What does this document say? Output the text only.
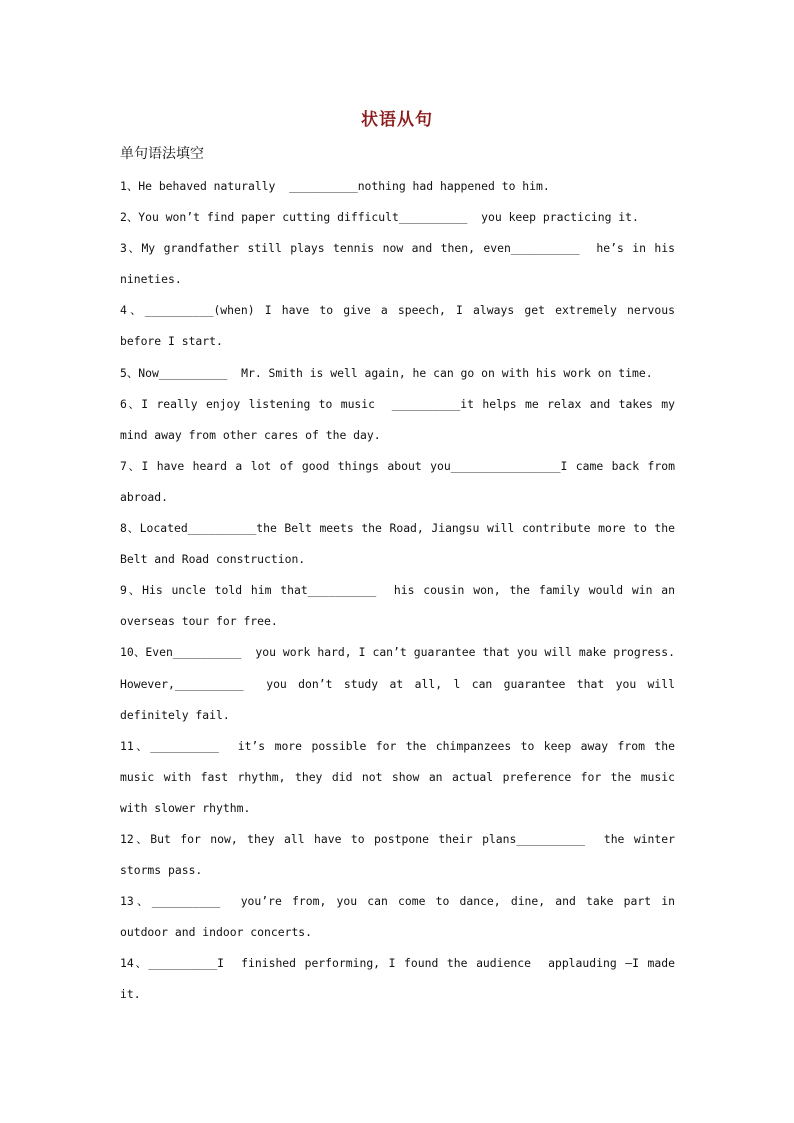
状语从句
单句语法填空
1、He behaved naturally  __________nothing had happened to him.
2、You won’t find paper cutting difficult__________  you keep practicing it.
3、My grandfather still plays tennis now and then, even__________  he’s in his nineties.
4、__________(when) I have to give a speech, I always get extremely nervous before I start.
5、Now__________  Mr. Smith is well again, he can go on with his work on time.
6、I really enjoy listening to music  __________it helps me relax and takes my mind away from other cares of the day.
7、I have heard a lot of good things about you________________I came back from abroad.
8、Located__________the Belt meets the Road, Jiangsu will contribute more to the Belt and Road construction.
9、His uncle told him that__________  his cousin won, the family would win an overseas tour for free.
10、Even__________  you work hard, I can’t guarantee that you will make progress. However,__________  you don’t study at all, l can guarantee that you will definitely fail.
11、__________  it’s more possible for the chimpanzees to keep away from the music with fast rhythm, they did not show an actual preference for the music with slower rhythm.
12、But for now, they all have to postpone their plans__________  the winter storms pass.
13、__________  you’re from, you can come to dance, dine, and take part in outdoor and indoor concerts.
14、__________I  finished performing, I found the audience  applauding —I made  it.
